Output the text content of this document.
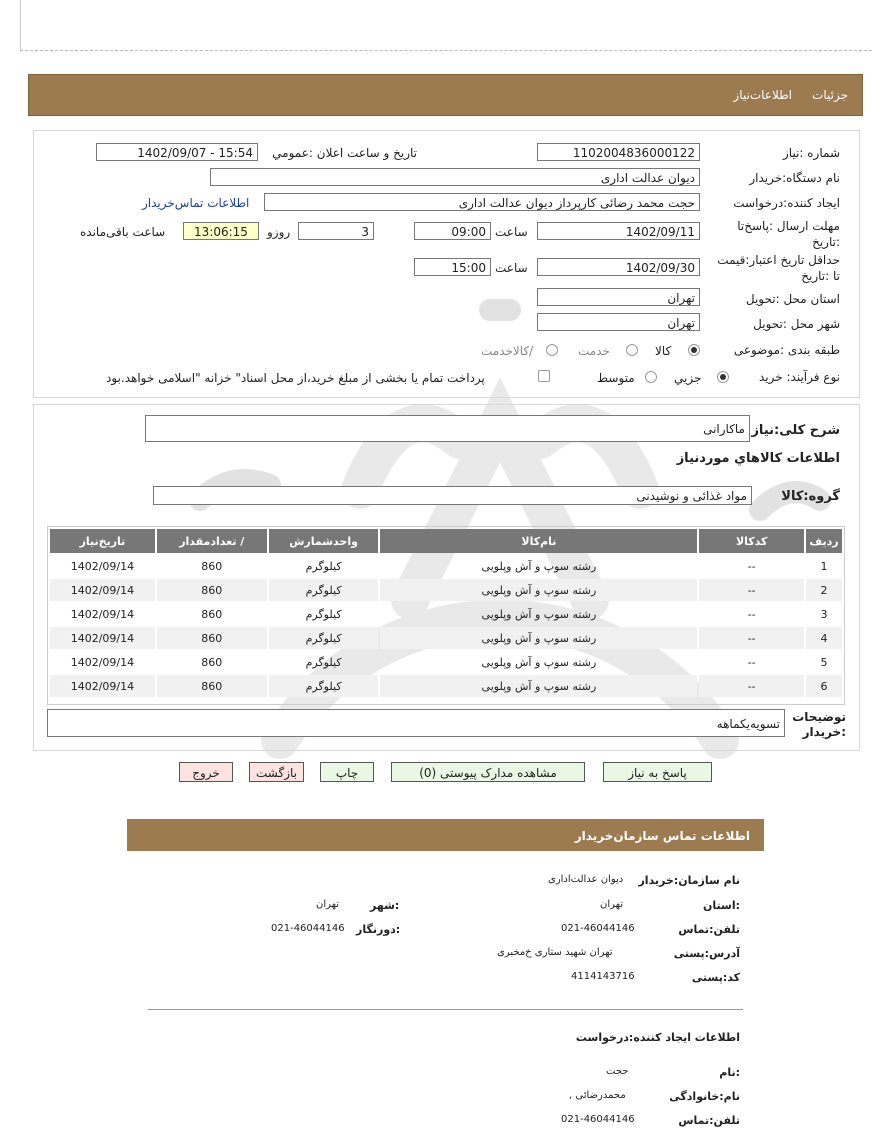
جزئیات
اطلاعات‌نیاز
شماره :نیاز
1102004836000122
تاریخ و ساعت اعلان :عمومي
1402/09/07 - 15:54
نام دستگاه:خریدار
دیوان عدالت اداری
ایجاد کننده:درخواست
حجت محمد رضائی کارپرداز دیوان عدالت اداری
اطلاعات تماس‌خریدار
مهلت ارسال :پاسخ‌تا :تاریخ
1402/09/11
ساعت
09:00
3
روزو
13:06:15
ساعت باقی‌مانده
حداقل تاریخ اعتبار:قیمت تا :تاریخ
1402/09/30
ساعت
15:00
استان محل :تحویل
تهران
شهر محل :تحویل
تهران
طبقه بندی :موضوعی
کالا
خدمت
/کالاخدمت
نوع فرآیند: خرید
جزیي
متوسط
پرداخت تمام یا بخشی از مبلغ خرید،از محل اسناد" خزانه "اسلامی خواهد.بود
شرح کلی:نیاز
ماکارانی
اطلاعات کالاهاي موردنیاز
گروه:کالا
مواد غذائی و نوشیدنی
ردیف	کدکالا	نام‌کالا	واحدشمارش	/ تعدادمقدار	تاریخ‌نیاز
1	--	رشته سوپ و آش وپلویی	کیلوگرم	860	1402/09/14
2	--	رشته سوپ و آش وپلویی	کیلوگرم	860	1402/09/14
3	--	رشته سوپ و آش وپلویی	کیلوگرم	860	1402/09/14
4	--	رشته سوپ و آش وپلویی	کیلوگرم	860	1402/09/14
5	--	رشته سوپ و آش وپلویی	کیلوگرم	860	1402/09/14
6	--	رشته سوپ و آش وپلویی	کیلوگرم	860	1402/09/14
توضیحات :خریدار
تسویه‌یکماهه
پاسخ به نیاز
مشاهده مدارک پیوستی (0)
چاپ
بازگشت
خروج
اطلاعات تماس سازمان‌خریدار
نام سازمان:خریدار
دیوان عدالت‌اداری
:استان
تهران
:شهر
تهران
تلفن:تماس
021-46044146
:دورنگار
021-46044146
آدرس:پستی
تهران شهید ستاری خ‌مخبری
کد:پستی
4114143716
اطلاعات ایجاد کننده:درخواست
:نام
حجت
نام:خانوادگی
محمدرضائی ,
تلفن:تماس
021-46044146
